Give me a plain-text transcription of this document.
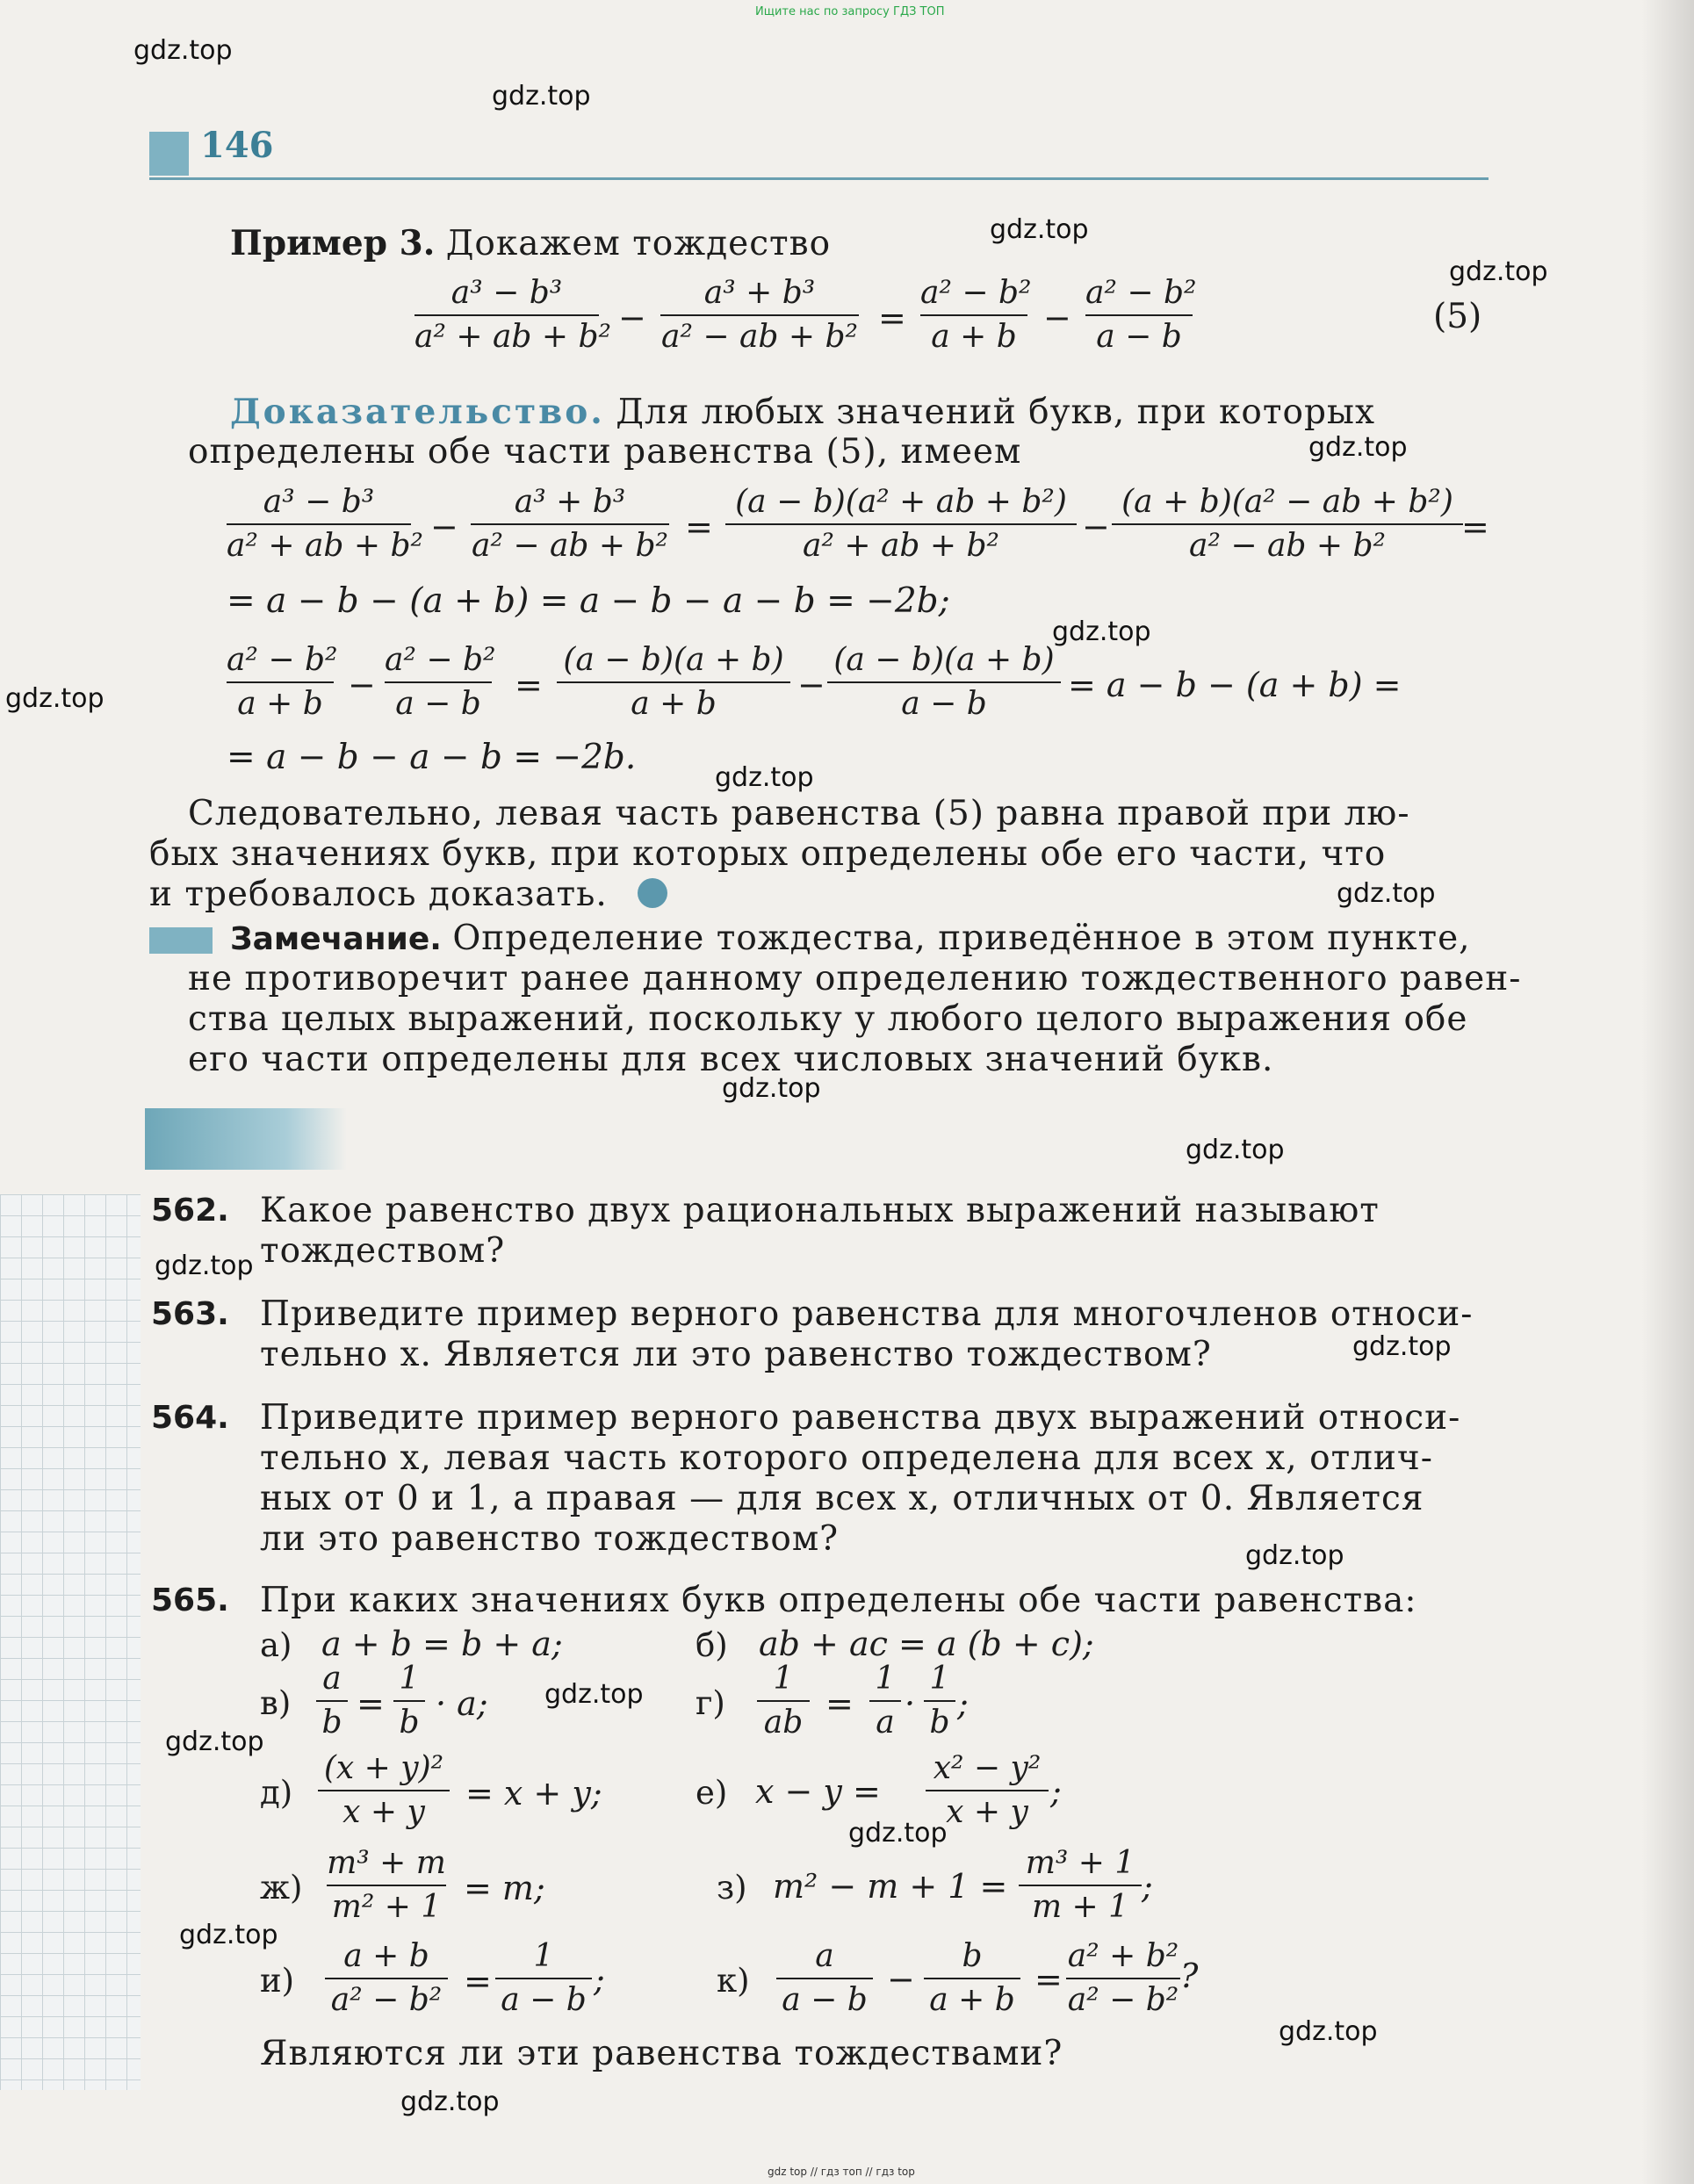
Ищите нас по запросу ГДЗ ТОП
gdz.top
gdz.top
gdz.top
gdz.top
gdz.top
gdz.top
gdz.top
gdz.top
gdz.top
gdz.top
gdz.top
gdz.top
gdz.top
gdz.top
gdz.top
gdz.top
gdz.top
gdz.top
gdz.top
gdz.top
146
Пример 3. Докажем тождество
a³ − b³
a² + ab + b² −
a³ + b³
a² − ab + b² =
a² − b²
a + b −
a² − b²
a − b
(5)
Доказательство. Для любых значений букв, при которых
определены обе части равенства (5), имеем
a³ − b³
a² + ab + b² −
a³ + b³
a² − ab + b² =
(a − b)(a² + ab + b²)
a² + ab + b²	−
(a + b)(a² − ab + b²)
a² − ab + b²	=
= a − b − (a + b) = a − b − a − b = −2b;
a² − b²
a + b −
a² − b²
a − b	=
(a − b)(a + b)
a + b	−
(a − b)(a + b)
a − b	= a − b − (a + b) =
= a − b − a − b = −2b.
Следовательно, левая часть равенства (5) равна правой при лю-
бых значениях букв, при которых определены обе его части, что
и требовалось доказать.
Замечание. Определение тождества, приведённое в этом пункте,
не противоречит ранее данному определению тождественного равен-
ства целых выражений, поскольку у любого целого выражения обе
его части определены для всех числовых значений букв.
562. Какое равенство двух рациональных выражений называют
тождеством?
563. Приведите пример верного равенства для многочленов относи-
тельно x. Является ли это равенство тождеством?
564. Приведите пример верного равенства двух выражений относи-
тельно x, левая часть которого определена для всех x, отлич-
ных от 0 и 1, а правая — для всех x, отличных от 0. Является
ли это равенство тождеством?
565. При каких значениях букв определены обе части равенства:
а) a + b = b + a;	б) ab + ac = a (b + c);
в)
a
b =
1
b · a;	г)
1
ab =
1
a ·
1
b ;
д)
(x + y)²
x + y	= x + y;	е) x − y =
x² − y²
x + y
;
ж)
m³ + m
m² + 1 = m;	з) m² − m + 1 =
m³ + 1
m + 1
;
и)
a + b
a² − b² =
1
a − b
;	к)
a
a − b
−
b
a + b
=
a² + b²
a² − b²
?
Являются ли эти равенства тождествами?
gdz top // гдз топ // гдз top
